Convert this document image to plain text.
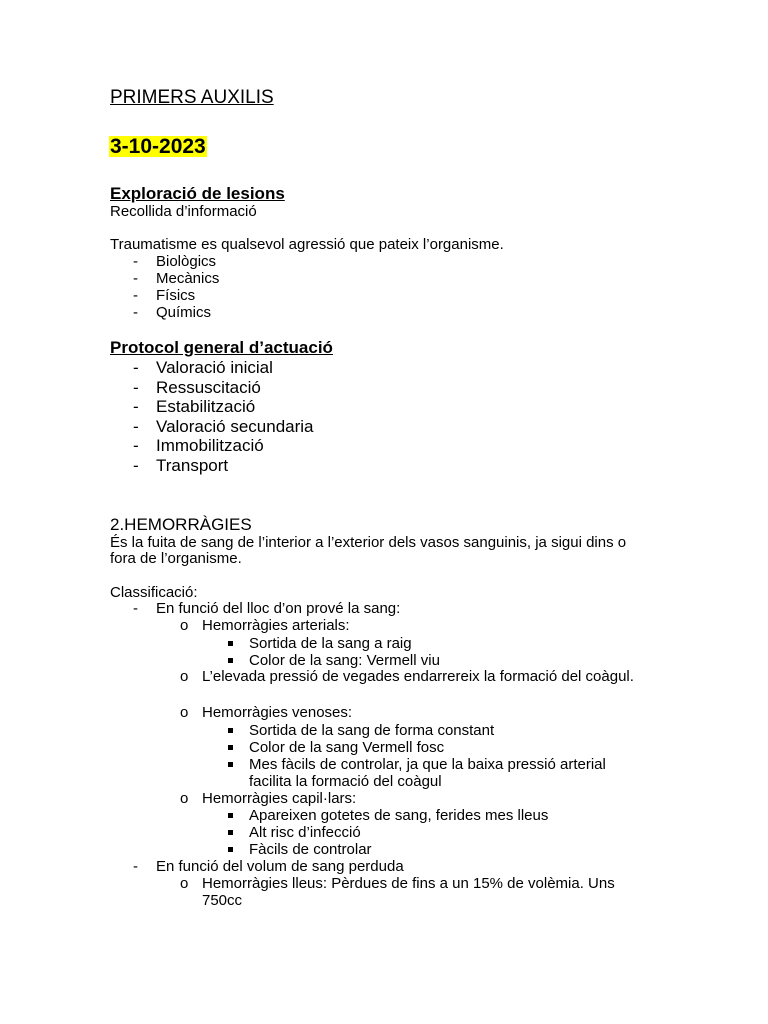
PRIMERS AUXILIS
3-10-2023
Exploració de lesions
Recollida d’informació
Traumatisme es qualsevol agressió que pateix l’organisme.
- Biològics
- Mecànics
- Físics
- Químics
Protocol general d’actuació
- Valoració inicial
- Ressuscitació
- Estabilització
- Valoració secundaria
- Immobilització
- Transport
2.HEMORRÀGIES
És la fuita de sang de l’interior a l’exterior dels vasos sanguinis, ja sigui dins o
fora de l’organisme.
Classificació:
- En funció del lloc d’on prové la sang:
o Hemorràgies arterials:
Sortida de la sang a raig
Color de la sang: Vermell viu
o L’elevada pressió de vegades endarrereix la formació del coàgul.
o Hemorràgies venoses:
Sortida de la sang de forma constant
Color de la sang Vermell fosc
Mes fàcils de controlar, ja que la baixa pressió arterial
facilita la formació del coàgul
o Hemorràgies capil·lars:
Apareixen gotetes de sang, ferides mes lleus
Alt risc d’infecció
Fàcils de controlar
- En funció del volum de sang perduda
o Hemorràgies lleus: Pèrdues de fins a un 15% de volèmia. Uns
750cc
